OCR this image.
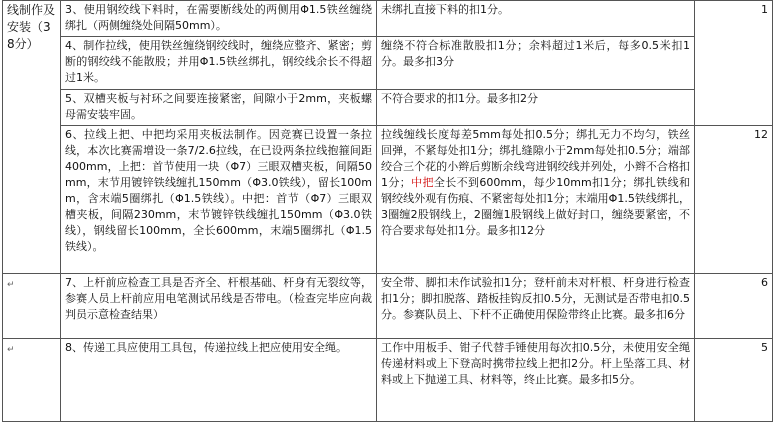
线制作及安装（38分）	3、使用钢绞线下料时，在需要断线处的两侧用Φ1.5铁丝缠绕绑扎（两侧缠绕处间隔50mm）。	未绑扎直接下料的扣1分。	1
	4、制作拉线，使用铁丝缠绕钢绞线时，缠绕应整齐、紧密；剪断的钢绞线不能散股；并用Φ1.5铁丝绑扎，钢绞线余长不得超过1米。	缠绕不符合标准散股扣1分；余料超过1米后，每多0.5米扣1分。最多扣3分	
	5、双槽夹板与衬环之间要连接紧密，间隙小于2mm，夹板螺母需安装牢固。	不符合要求的扣1分。最多扣2分	
	6、拉线上把、中把均采用夹板法制作。因竞赛已设置一条拉线，本次比赛需增设一条7/2.6拉线，在已设两条拉线抱箍间距400mm，上把：首节使用一块（Φ7）三眼双槽夹板，间隔50mm，末节用镀锌铁线缠扎150mm（Φ3.0铁线），留长100mm，含末端5圈绑扎（Φ1.5铁线）。中把：首节（Φ7）三眼双槽夹板，间隔230mm，末节镀锌铁线缠扎150mm（Φ3.0铁线），钢线留长100mm，全长600mm，末端5圈绑扎（Φ1.5铁线）。	拉线缠线长度每差5mm每处扣0.5分；绑扎无力不均匀，铁丝回弹，不紧每处扣1分；绑扎缝隙小于2mm每处扣0.5分；端部绞合三个花的小辫后剪断余线弯进钢绞线并列处，小辫不合格扣1分；中把全长不到600mm，每少10mm扣1分；绑扎铁线和钢绞线外观有伤痕、不紧密每处扣1分；末端用Φ1.5铁线绑扎，3圈缠2股钢线上，2圈缠1股钢线上做好封口，缠绕要紧密，不符合要求每处扣1分。最多扣12分	12
↵	7、上杆前应检查工具是否齐全、杆根基础、杆身有无裂纹等，参赛人员上杆前应用电笔测试吊线是否带电。（检查完毕应向裁判员示意检查结果）	安全带、脚扣未作试验扣1分；登杆前未对杆根、杆身进行检查扣1分；脚扣脱落、踏板挂钩反扣0.5分，无测试是否带电扣0.5分。参赛队员上、下杆不正确使用保险带终止比赛。最多扣6分	6
↵	8、传递工具应使用工具包，传递拉线上把应使用安全绳。	工作中用板手、钳子代替手锤使用每次扣0.5分，未使用安全绳传递材料或上下登高时携带拉线上把扣2分。杆上坠落工具、材料或上下抛递工具、材料等，终止比赛。最多扣5分。	5
